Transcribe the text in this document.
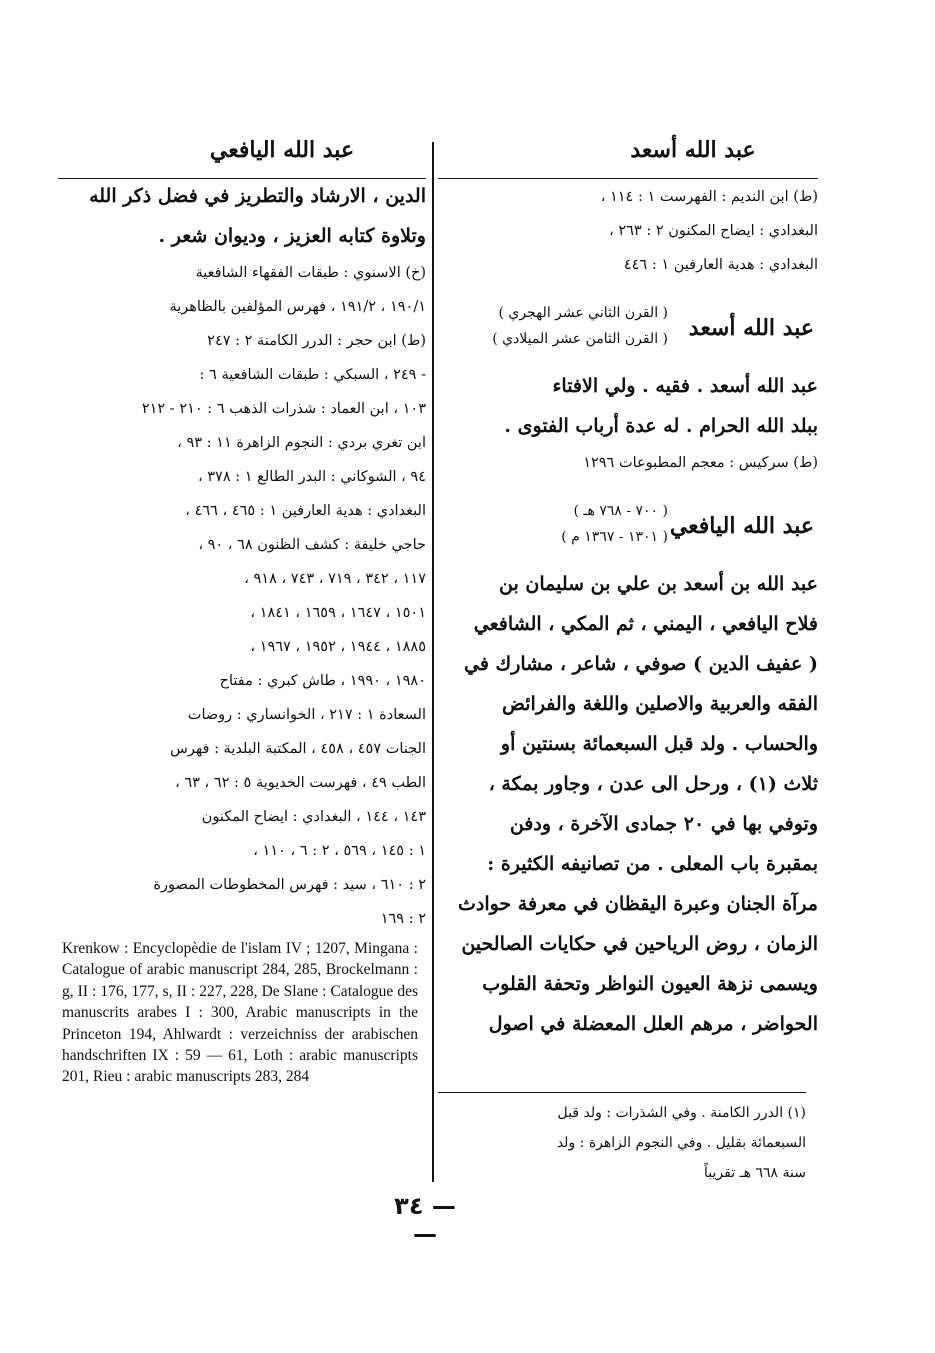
عبد الله أسعد
(ط) ابن النديم : الفهرست ١ : ١١٤ ،
البغدادي : ايضاح المكنون ٢ : ٢٦٣ ،
البغدادي : هدية العارفين ١ : ٤٤٦
عبد الله أسعد
( القرن الثاني عشر الهجري )
( القرن الثامن عشر الميلادي )
عبد الله أسعد . فقيه . ولي الافتاء
ببلد الله الحرام . له عدة أرباب الفتوى .
(ط) سركيس : معجم المطبوعات ١٢٩٦
عبد الله اليافعي
( ٧٠٠ - ٧٦٨ هـ )
( ١٣٠١ - ١٣٦٧ م )
عبد الله بن أسعد بن علي بن سليمان بن
فلاح اليافعي ، اليمني ، ثم المكي ، الشافعي
( عفيف الدين ) صوفي ، شاعر ، مشارك في
الفقه والعربية والاصلين واللغة والفرائض
والحساب . ولد قبل السبعمائة بسنتين أو
ثلاث (١) ، ورحل الى عدن ، وجاور بمكة ،
وتوفي بها في ٢٠ جمادى الآخرة ، ودفن
بمقبرة باب المعلى . من تصانيفه الكثيرة :
مرآة الجنان وعبرة اليقظان في معرفة حوادث
الزمان ، روض الرياحين في حكايات الصالحين
ويسمى نزهة العيون النواظر وتحفة القلوب
الحواضر ، مرهم العلل المعضلة في اصول
عبد الله اليافعي
الدين ، الارشاد والتطريز في فضل ذكر الله
وتلاوة كتابه العزيز ، وديوان شعر .
(خ) الاسنوي : طبقات الفقهاء الشافعية
١٩٠/١ ، ١٩١/٢ ، فهرس المؤلفين بالظاهرية
(ط) ابن حجر : الدرر الكامنة ٢ : ٢٤٧
- ٢٤٩ ، السبكي : طبقات الشافعية ٦ :
١٠٣ ، ابن العماد : شذرات الذهب ٦ : ٢١٠ - ٢١٢
ابن تغري بردي : النجوم الزاهرة ١١ : ٩٣ ،
٩٤ ، الشوكاني : البدر الطالع ١ : ٣٧٨ ،
البغدادي : هدية العارفين ١ : ٤٦٥ ، ٤٦٦ ،
حاجي خليفة : كشف الظنون ٦٨ ، ٩٠ ،
١١٧ ، ٣٤٢ ، ٧١٩ ، ٧٤٣ ، ٩١٨ ،
١٥٠١ ، ١٦٤٧ ، ١٦٥٩ ، ١٨٤١ ،
١٨٨٥ ، ١٩٤٤ ، ١٩٥٢ ، ١٩٦٧ ،
١٩٨٠ ، ١٩٩٠ ، طاش كبري : مفتاح
السعادة ١ : ٢١٧ ، الخوانساري : روضات
الجنات ٤٥٧ ، ٤٥٨ ، المكتبة البلدية : فهرس
الطب ٤٩ ، فهرست الخديوية ٥ : ٦٢ ، ٦٣ ،
١٤٣ ، ١٤٤ ، البغدادي : ايضاح المكنون
١ : ١٤٥ ، ٥٦٩ ، ٢ : ٦ ، ١١٠ ،
٢ : ٦١٠ ، سيد : فهرس المخطوطات المصورة
٢ : ١٦٩
Krenkow : Encyclopèdie de l'islam IV ; 1207, Mingana : Catalogue of arabic manuscript 284, 285, Brockelmann : g, II : 176, 177, s, II : 227, 228, De Slane : Catalogue des manuscrits arabes I : 300, Arabic manuscripts in the Princeton 194, Ahlwardt : verzeichniss der arabischen handschriften IX : 59 — 61, Loth : arabic manuscripts 201, Rieu : arabic manuscripts 283, 284
(١) الدرر الكامنة . وفي الشذرات : ولد قبل
السبعمائة بقليل . وفي النجوم الزاهرة : ولد
سنة ٦٦٨ هـ تقريباً
— ٣٤ —
